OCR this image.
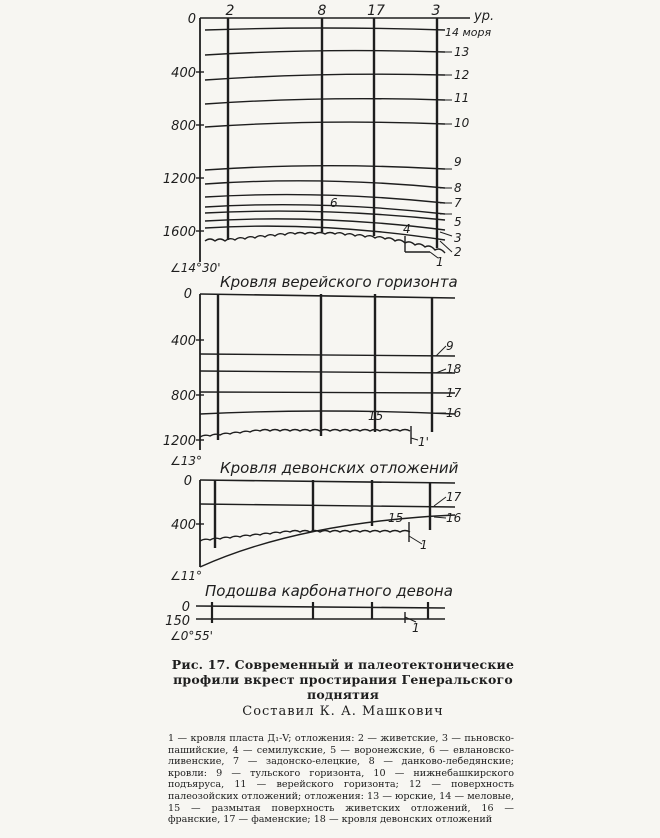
0
400
800
1200
1600
2	8	17	3	ур.
14 моря
13
12
11
10
9
8
7
5
3
2
1
6
4
∠14°30'
Кровля верейского горизонта
0
400
800
1200
9
18
17
16
15
1'
∠13° Кровля девонских отложений
0
400
17
16
15
1
∠11°
Подошва карбонатного девона
0
150	1
∠0°55'
Рис. 17. Современный и палеотектонические профили вкрест простирания Генеральского поднятия
Составил К. А. Машкович
1 — кровля пласта Д₁-V; отложения: 2 — живетские, 3 — пьновско-пашийские, 4 — семилукские, 5 — воронежские, 6 — евлановско-ливенские, 7 — задонско-елецкие, 8 — данково-лебедянские; кровли: 9 — тульского горизонта, 10 — нижнебашкирского подъяруса, 11 — верейского горизонта; 12 — поверхность палеозойских отложений; отложения: 13 — юрские, 14 — меловые, 15 — размытая поверхность живетских отложений, 16 — франские, 17 — фаменские; 18 — кровля девонских отложений
